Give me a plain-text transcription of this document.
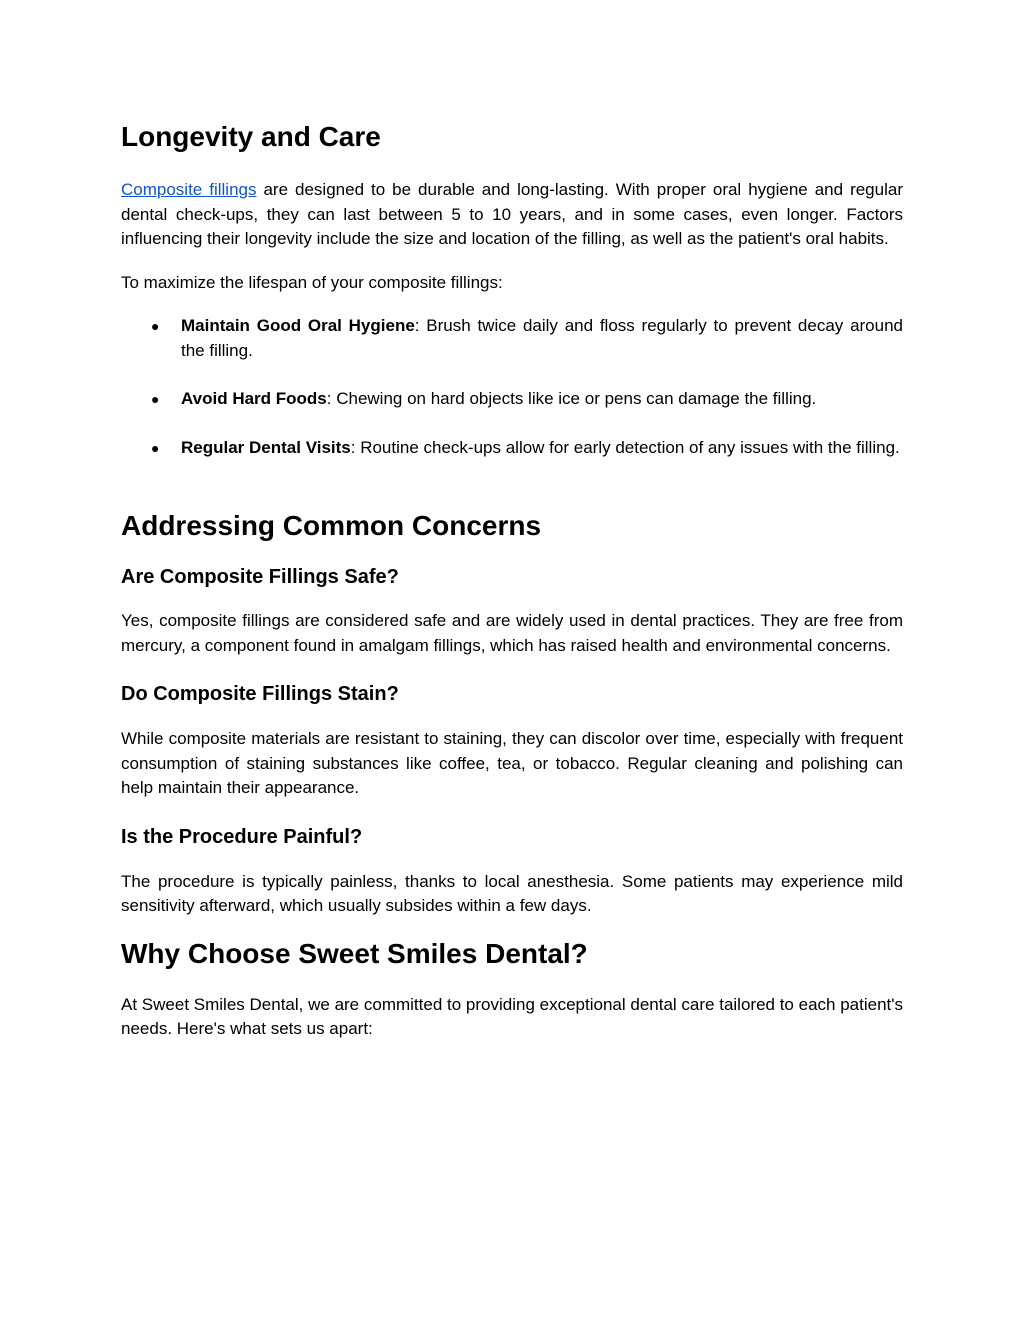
Longevity and Care

Composite fillings are designed to be durable and long-lasting. With proper oral hygiene and regular dental check-ups, they can last between 5 to 10 years, and in some cases, even longer. Factors influencing their longevity include the size and location of the filling, as well as the patient's oral habits.

To maximize the lifespan of your composite fillings:

● Maintain Good Oral Hygiene: Brush twice daily and floss regularly to prevent decay around the filling.
● Avoid Hard Foods: Chewing on hard objects like ice or pens can damage the filling.
● Regular Dental Visits: Routine check-ups allow for early detection of any issues with the filling.
Addressing Common Concerns
Are Composite Fillings Safe?

Yes, composite fillings are considered safe and are widely used in dental practices. They are free from mercury, a component found in amalgam fillings, which has raised health and environmental concerns.

Do Composite Fillings Stain?

While composite materials are resistant to staining, they can discolor over time, especially with frequent consumption of staining substances like coffee, tea, or tobacco. Regular cleaning and polishing can help maintain their appearance.

Is the Procedure Painful?

The procedure is typically painless, thanks to local anesthesia. Some patients may experience mild sensitivity afterward, which usually subsides within a few days.

Why Choose Sweet Smiles Dental?

At Sweet Smiles Dental, we are committed to providing exceptional dental care tailored to each patient's needs. Here's what sets us apart:
